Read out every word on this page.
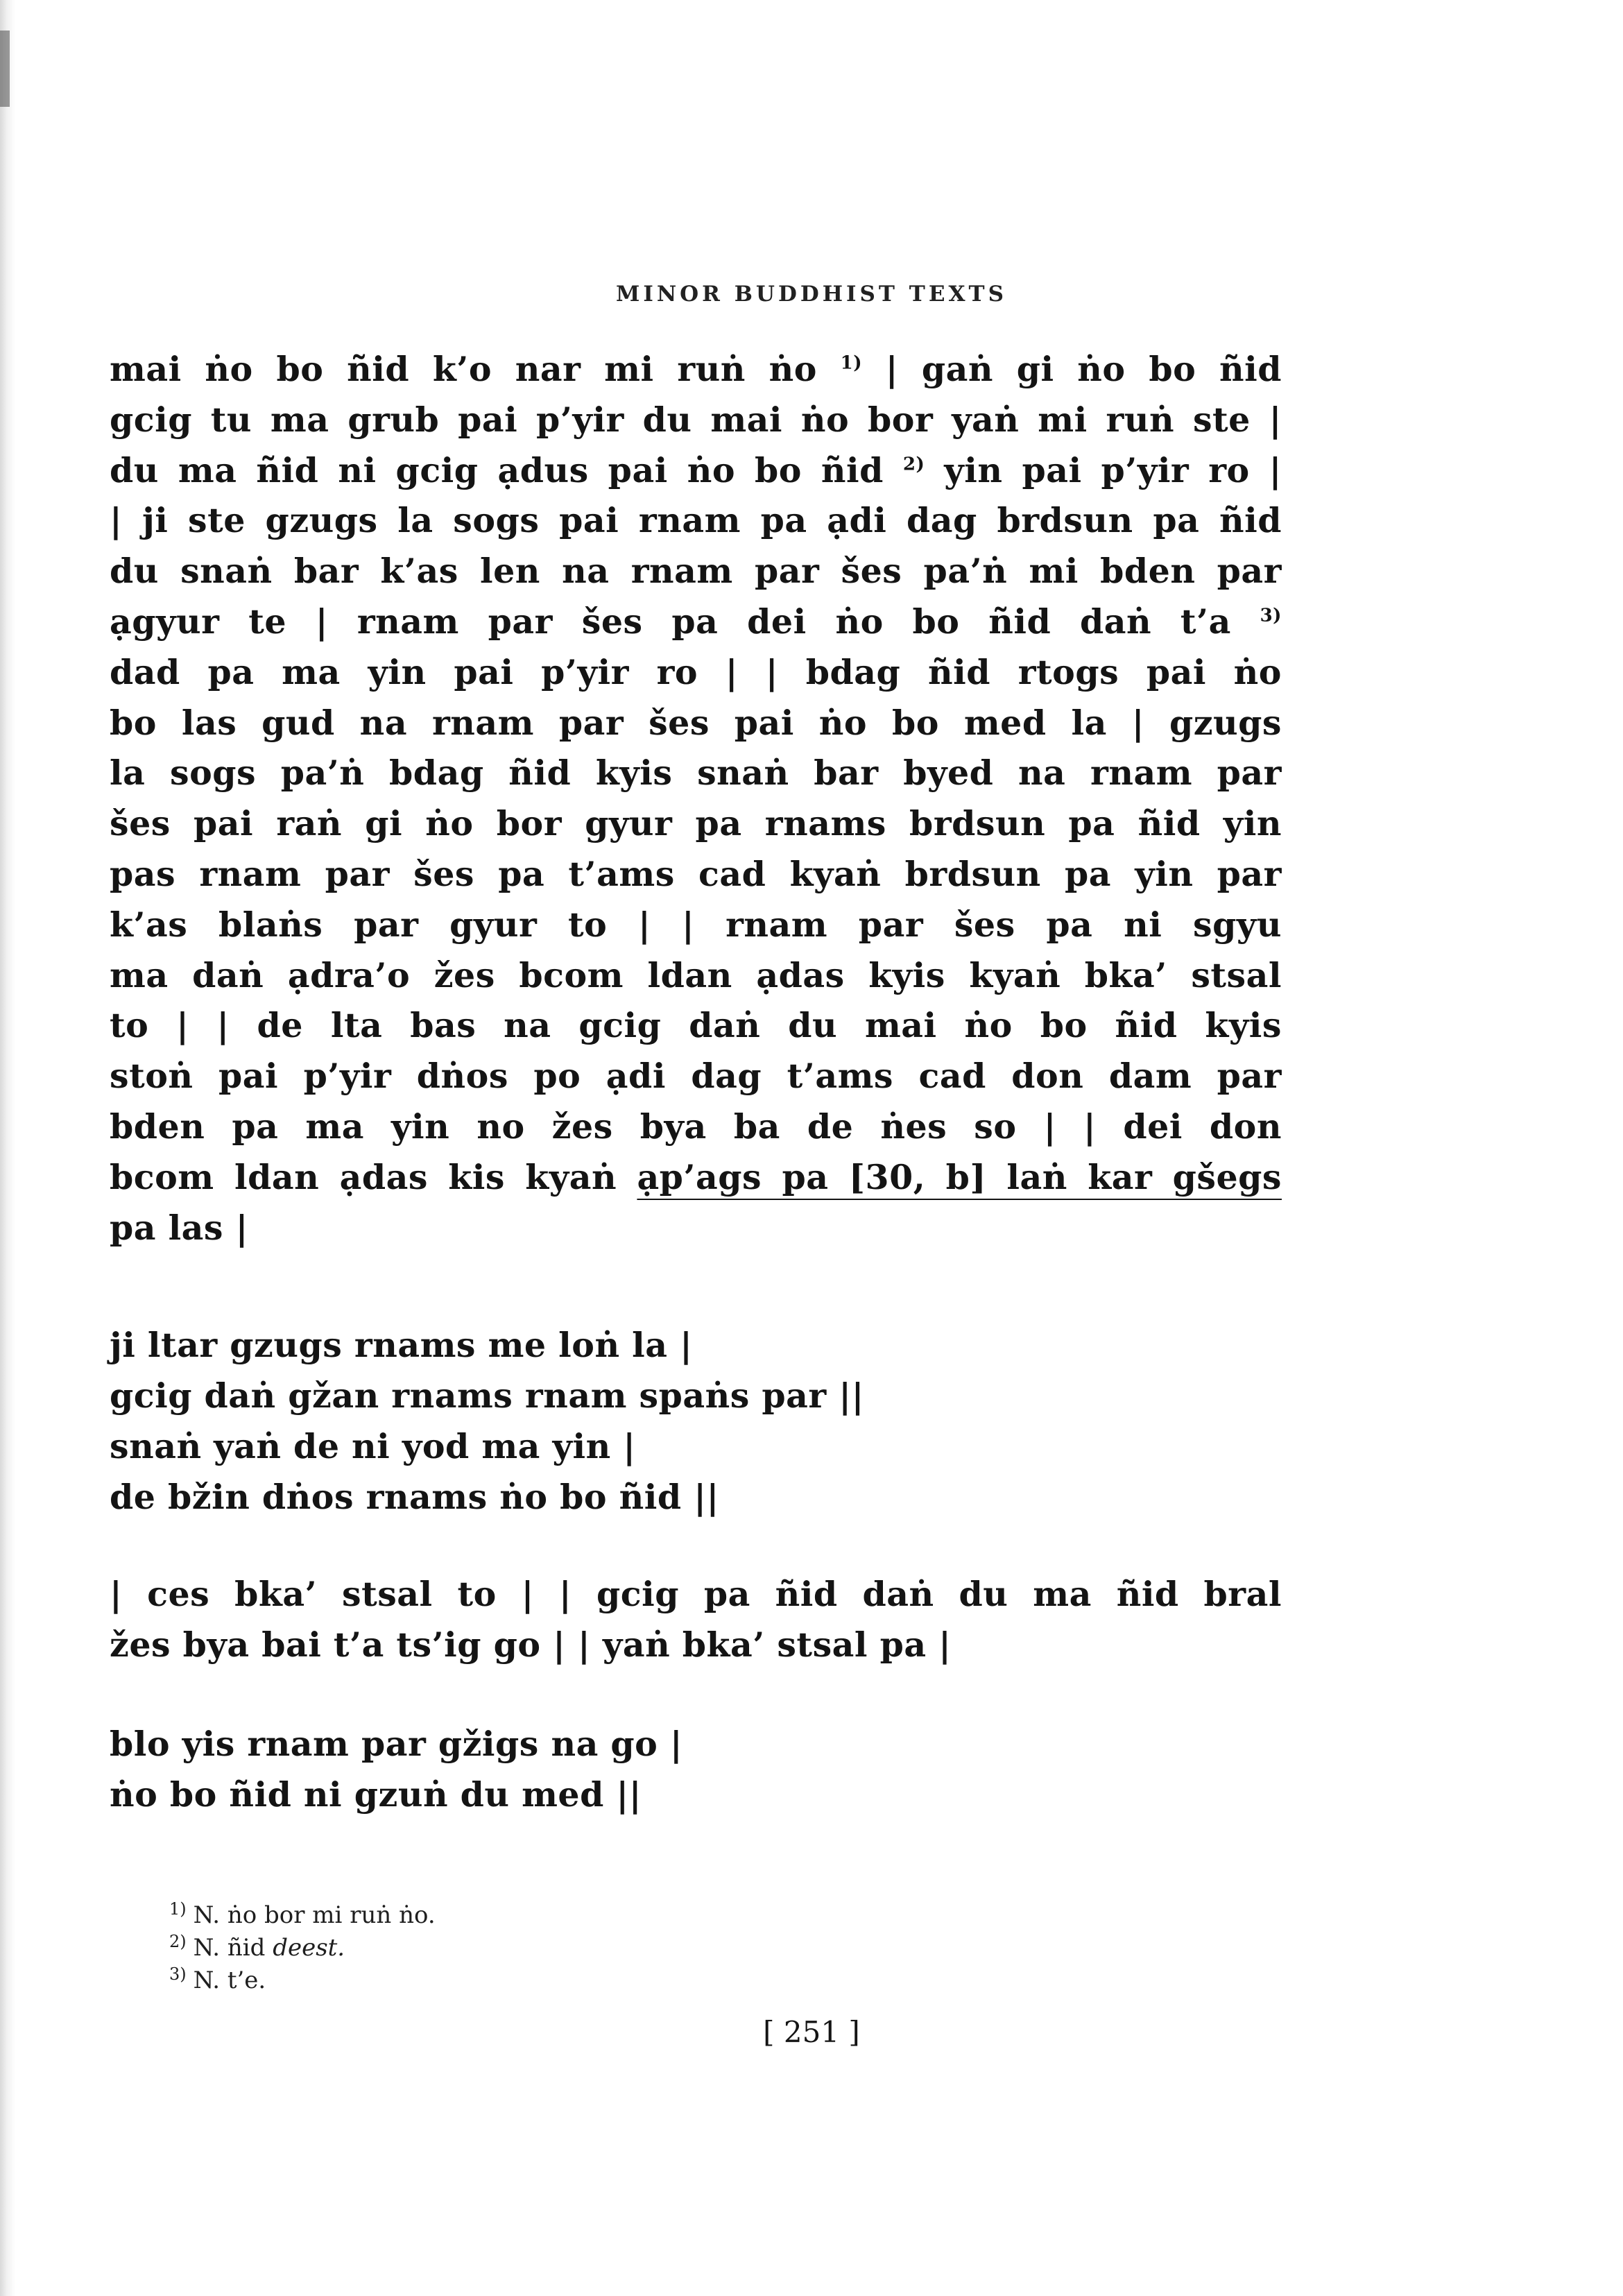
MINOR BUDDHIST TEXTS
mai ṅo bo ñid k’o nar mi ruṅ ṅo $^{1)}$ | gaṅ gi ṅo bo ñid
gcig tu ma grub pai p’yir du mai ṅo bor yaṅ mi ruṅ ste |
du ma ñid ni gcig ạdus pai ṅo bo ñid $^{2)}$ yin pai p’yir ro |
| ji ste gzugs la sogs pai rnam pa ạdi dag brdsun pa ñid
du snaṅ bar k’as len na rnam par šes pa’ṅ mi bden par
ạgyur te | rnam par šes pa dei ṅo bo ñid daṅ t’a $^{3)}$
dad pa ma yin pai p’yir ro | | bdag ñid rtogs pai ṅo
bo las gud na rnam par šes pai ṅo bo med la | gzugs
la sogs pa’ṅ bdag ñid kyis snaṅ bar byed na rnam par
šes pai raṅ gi ṅo bor gyur pa rnams brdsun pa ñid yin
pas rnam par šes pa t’ams cad kyaṅ brdsun pa yin par
k’as blaṅs par gyur to | | rnam par šes pa ni sgyu
ma daṅ ạdra’o žes bcom ldan ạdas kyis kyaṅ bka’ stsal
to | | de lta bas na gcig daṅ du mai ṅo bo ñid kyis
stoṅ pai p’yir dṅos po ạdi dag t’ams cad don dam par
bden pa ma yin no žes bya ba de ṅes so | | dei don
bcom ldan ạdas kis kyaṅ ạp’ags pa [30, b] laṅ kar gšegs
pa las |
ji ltar gzugs rnams me loṅ la |
gcig daṅ gžan rnams rnam spaṅs par ||
snaṅ yaṅ de ni yod ma yin |
de bžin dṅos rnams ṅo bo ñid ||
| ces bka’ stsal to | | gcig pa ñid daṅ du ma ñid bral
žes bya bai t’a ts’ig go | | yaṅ bka’ stsal pa |
blo yis rnam par gžigs na go |
ṅo bo ñid ni gzuṅ du med ||
$^{1)}$ N. ṅo bor mi ruṅ ṅo.
$^{2)}$ N. ñid deest.
$^{3)}$ N. t’e.
[ 251 ]
